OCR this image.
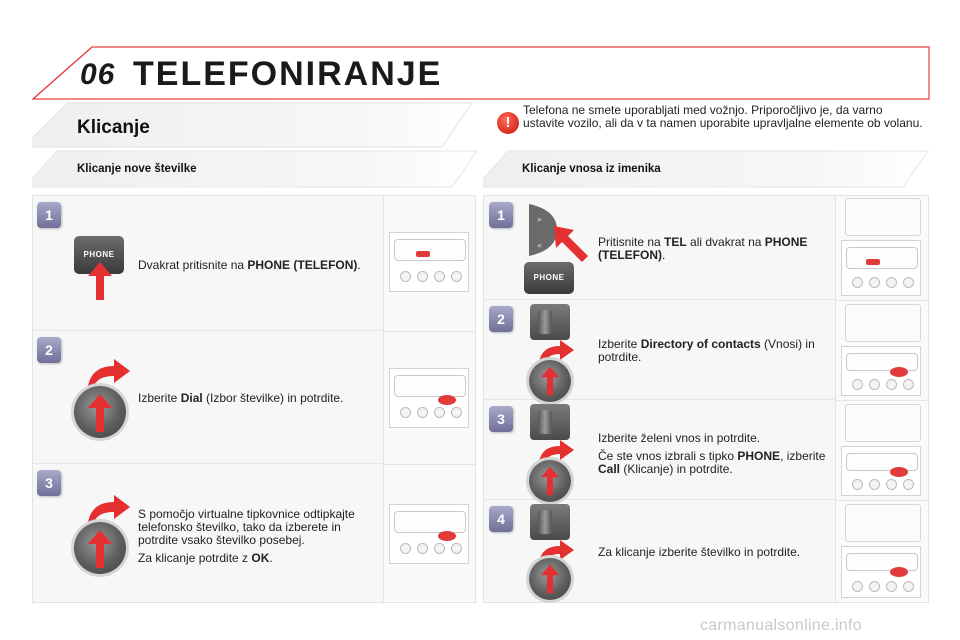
06 TELEFONIRANJE
Klicanje	!
Telefona ne smete uporabljati med vožnjo. Priporočljivo je, da varno ustavite vozilo, ali da v ta namen uporabite upravljalne elemente ob volanu.
Klicanje nove številke	Klicanje vnosa iz imenika
1
PHONE
Dvakrat pritisnite na PHONE (TELEFON).
2
Izberite Dial (Izbor številke) in potrdite.
3

S pomočjo virtualne tipkovnice odtipkajte telefonsko številko, tako da izberete in potrdite vsako številko posebej.

Za klicanje potrdite z OK.

1	»
«
PHONE
Pritisnite na TEL ali dvakrat na PHONE (TELEFON).
2
Izberite Directory of contacts (Vnosi) in potrdite.
3

Izberite želeni vnos in potrdite.

Če ste vnos izbrali s tipko PHONE, izberite Call (Klicanje) in potrdite.

4
Za klicanje izberite številko in potrdite.
carmanualsonline.info
